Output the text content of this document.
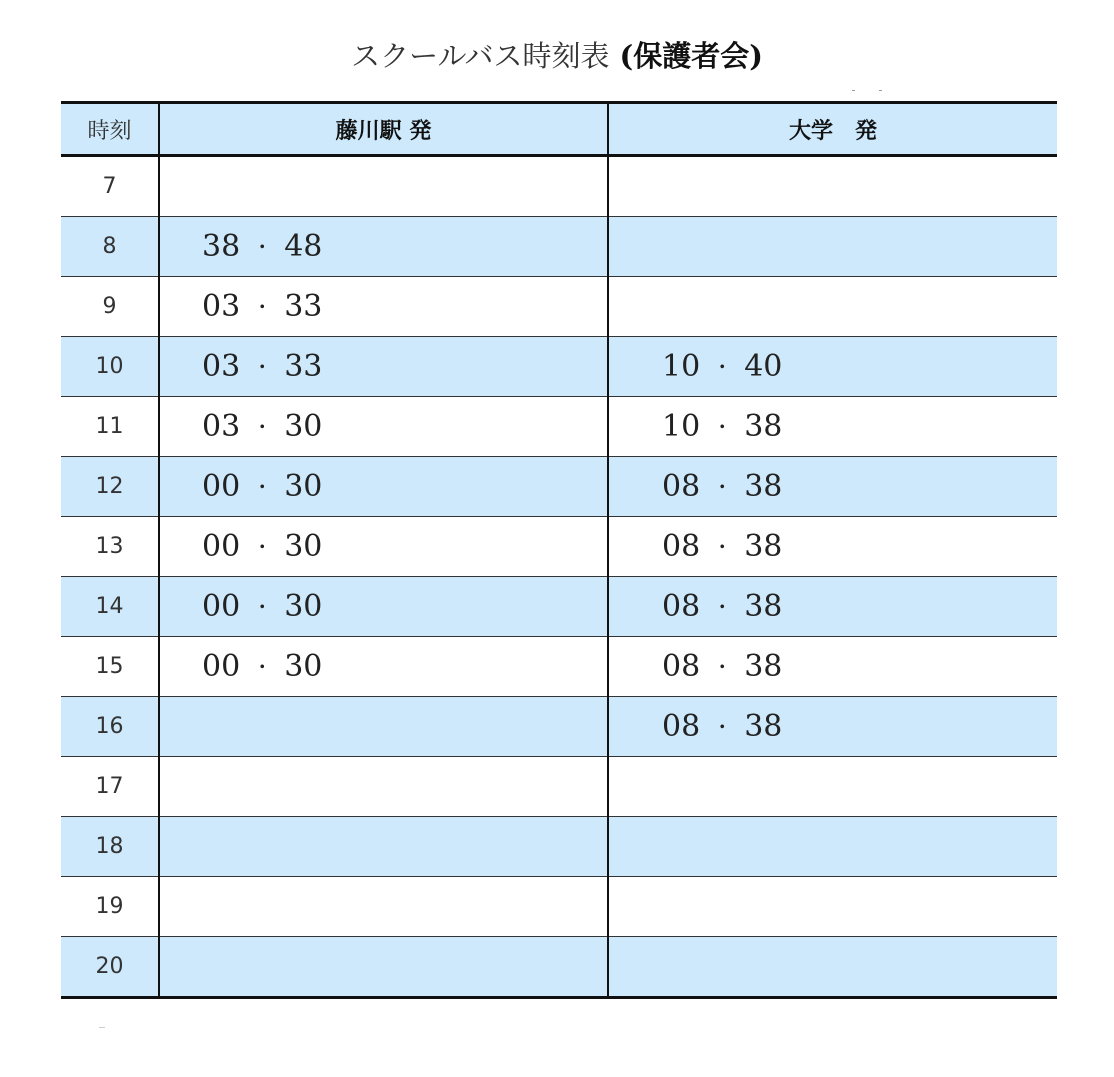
スクールバス時刻表 (保護者会)
時刻	藤川駅 発	大学　発
7		
8	38 ・ 48	
9	03 ・ 33	
10	03 ・ 33	10 ・ 40
11	03 ・ 30	10 ・ 38
12	00 ・ 30	08 ・ 38
13	00 ・ 30	08 ・ 38
14	00 ・ 30	08 ・ 38
15	00 ・ 30	08 ・ 38
16		08 ・ 38
17		
18		
19		
20		
